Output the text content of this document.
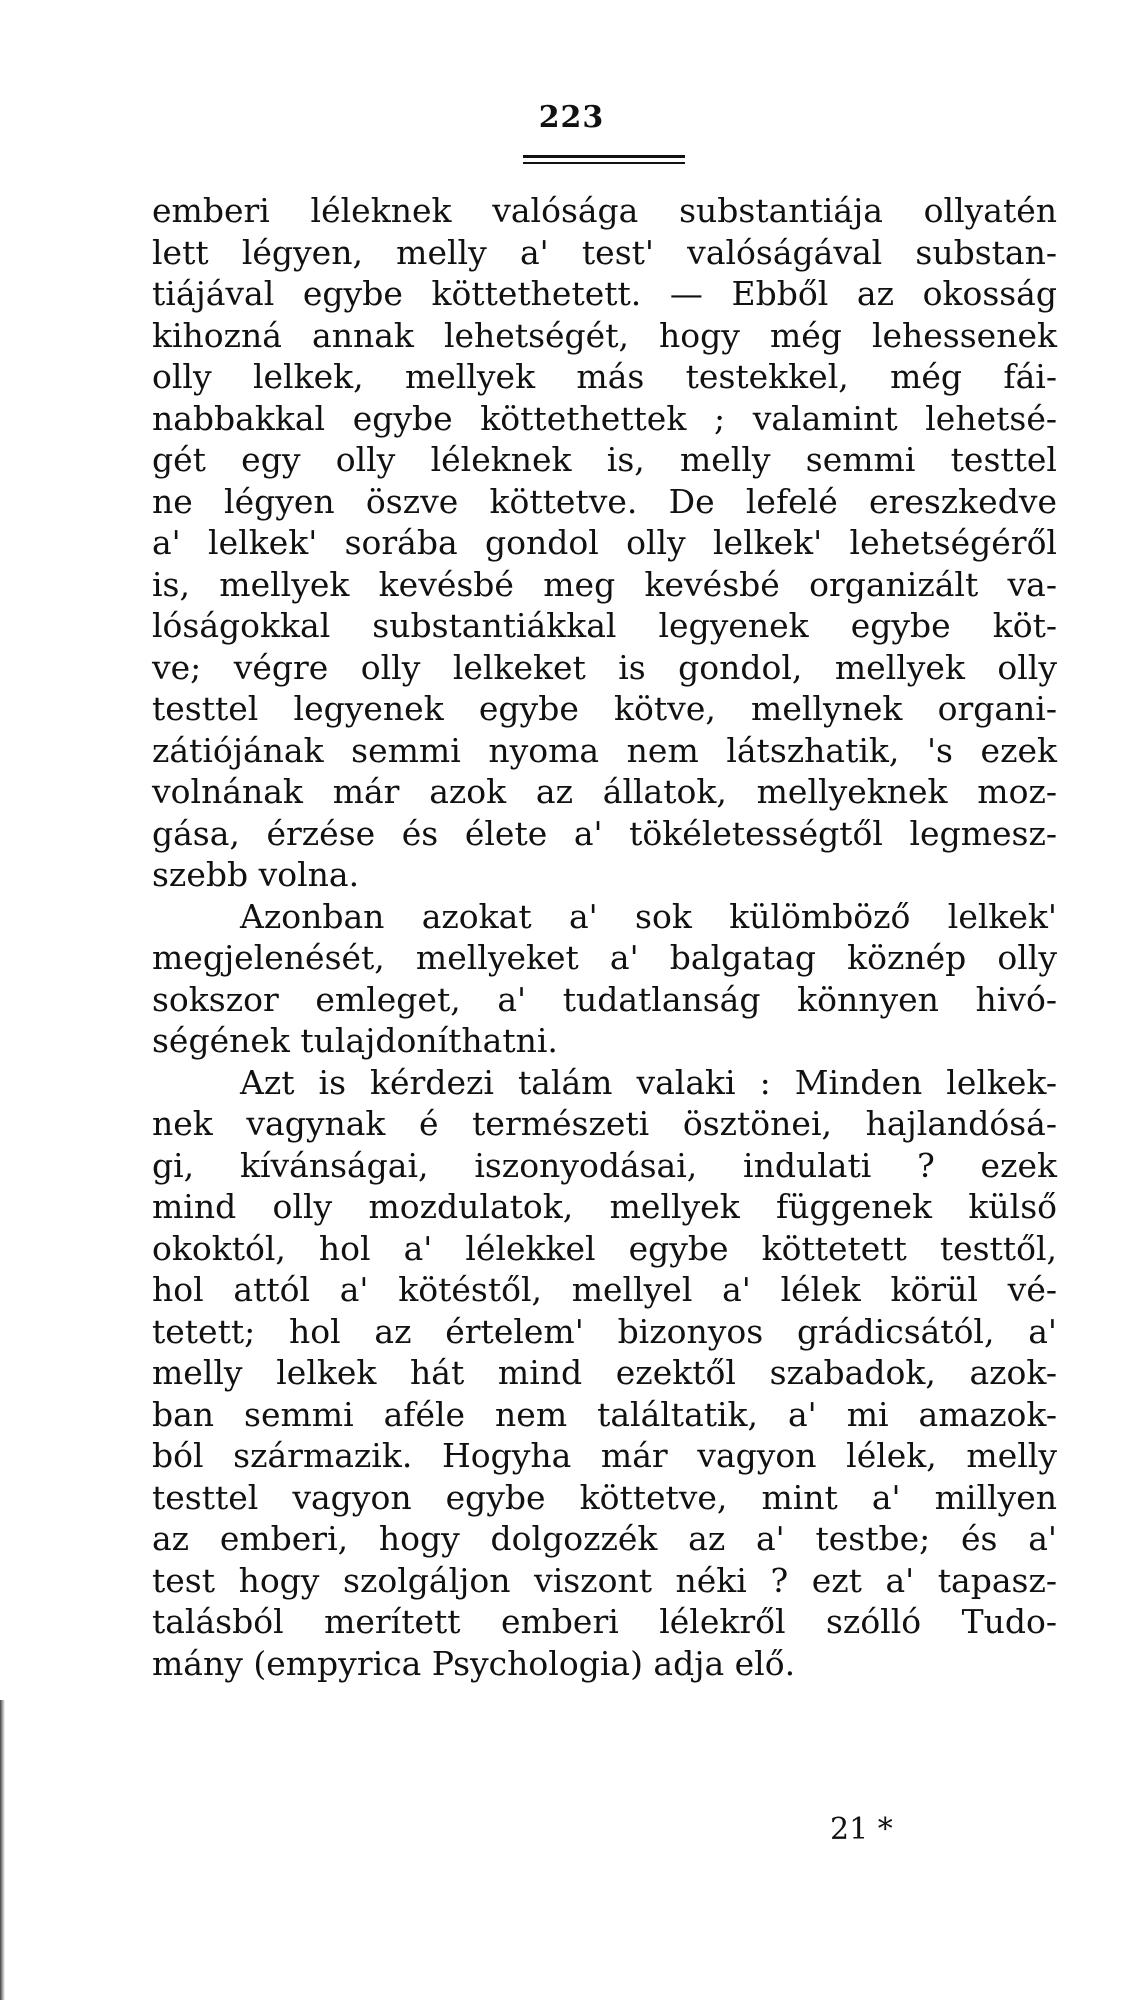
223
emberi léleknek valósága substantiája ollyatén
lett légyen, melly a' test' valóságával substan-
tiájával egybe köttethetett. — Ebből az okosság
kihozná annak lehetségét, hogy még lehessenek
olly lelkek, mellyek más testekkel, még fái-
nabbakkal egybe köttethettek ; valamint lehetsé-
gét egy olly léleknek is, melly semmi testtel
ne légyen öszve köttetve. De lefelé ereszkedve
a' lelkek' sorába gondol olly lelkek' lehetségéről
is, mellyek kevésbé meg kevésbé organizált va-
lóságokkal substantiákkal legyenek egybe köt-
ve; végre olly lelkeket is gondol, mellyek olly
testtel legyenek egybe kötve, mellynek organi-
zátiójának semmi nyoma nem látszhatik, 's ezek
volnának már azok az állatok, mellyeknek moz-
gása, érzése és élete a' tökéletességtől legmesz-
szebb volna.
Azonban azokat a' sok külömböző lelkek'
megjelenését, mellyeket a' balgatag köznép olly
sokszor emleget, a' tudatlanság könnyen hivó-
ségének tulajdoníthatni.
Azt is kérdezi talám valaki : Minden lelkek-
nek vagynak é természeti ösztönei, hajlandósá-
gi, kívánságai, iszonyodásai, indulati ? ezek
mind olly mozdulatok, mellyek függenek külső
okoktól, hol a' lélekkel egybe köttetett testtől,
hol attól a' kötéstől, mellyel a' lélek körül vé-
tetett; hol az értelem' bizonyos grádicsától, a'
melly lelkek hát mind ezektől szabadok, azok-
ban semmi aféle nem találtatik, a' mi amazok-
ból származik. Hogyha már vagyon lélek, melly
testtel vagyon egybe köttetve, mint a' millyen
az emberi, hogy dolgozzék az a' testbe; és a'
test hogy szolgáljon viszont néki ? ezt a' tapasz-
talásból merített emberi lélekről szólló Tudo-
mány (empyrica Psychologia) adja elő.
21 *
